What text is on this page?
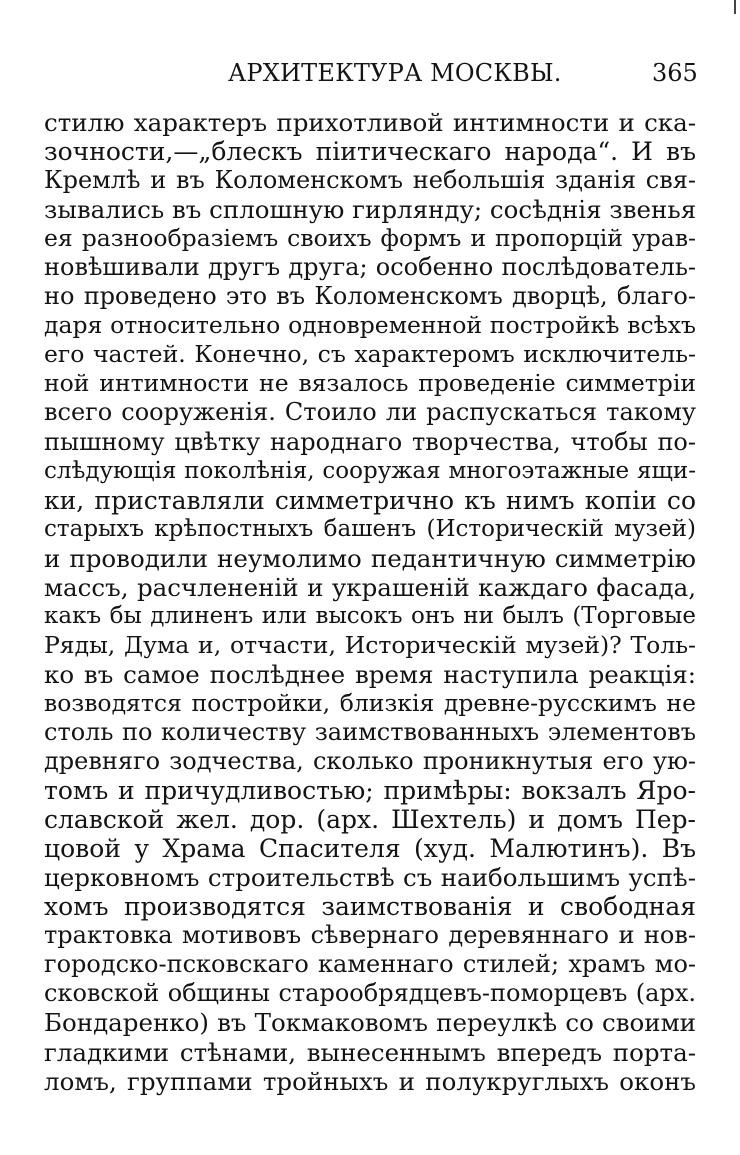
АРХИТЕКТУРА МОСКВЫ.	365
стилю характеръ прихотливой интимности и ска-
зочности,—„блескъ піитическаго народа“. И въ
Кремлѣ и въ Коломенскомъ небольшія зданія свя-
зывались въ сплошную гирлянду; сосѣднія звенья
ея разнообразіемъ своихъ формъ и пропорцій урав-
новѣшивали другъ друга; особенно послѣдователь-
но проведено это въ Коломенскомъ дворцѣ, благо-
даря относительно одновременной постройкѣ всѣхъ
его частей. Конечно, съ характеромъ исключитель-
ной интимности не вязалось проведеніе симметріи
всего сооруженія. Стоило ли распускаться такому
пышному цвѣтку народнаго творчества, чтобы по-
слѣдующія поколѣнія, сооружая многоэтажные ящи-
ки, приставляли симметрично къ нимъ копіи со
старыхъ крѣпостныхъ башенъ (Историческій музей)
и проводили неумолимо педантичную симметрію
массъ, расчлененій и украшеній каждаго фасада,
какъ бы длиненъ или высокъ онъ ни былъ (Торговые
Ряды, Дума и, отчасти, Историческій музей)? Толь-
ко въ самое послѣднее время наступила реакція:
возводятся постройки, близкія древне-русскимъ не
столь по количеству заимствованныхъ элементовъ
древняго зодчества, сколько проникнутыя его ую-
томъ и причудливостью; примѣры: вокзалъ Яро-
славской жел. дор. (арх. Шехтель) и домъ Пер-
цовой у Храма Спасителя (худ. Малютинъ). Въ
церковномъ строительствѣ съ наибольшимъ успѣ-
хомъ производятся заимствованія и свободная
трактовка мотивовъ сѣвернаго деревяннаго и нов-
городско-псковскаго каменнаго стилей; храмъ мо-
сковской общины старообрядцевъ-поморцевъ (арх.
Бондаренко) въ Токмаковомъ переулкѣ со своими
гладкими стѣнами, вынесеннымъ впередъ порта-
ломъ, группами тройныхъ и полукруглыхъ оконъ
